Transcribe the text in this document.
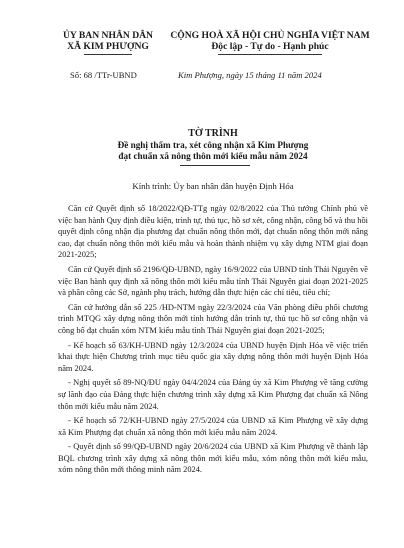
ỦY BAN NHÂN DÂN
XÃ KIM PHƯỢNG
CỘNG HOÀ XÃ HỘI CHỦ NGHĨA VIỆT NAM
Độc lập - Tự do - Hạnh phúc
Số: 68 /TTr-UBND	Kim Phượng, ngày 15 tháng 11 năm 2024
TỜ TRÌNH
Đề nghị thẩm tra, xét công nhận xã Kim Phượng
đạt chuẩn xã nông thôn mới kiểu mẫu năm 2024
Kính trình: Ủy ban nhân dân huyện Định Hóa

Căn cứ Quyết định số 18/2022/QĐ-TTg ngày 02/8/2022 của Thủ tướng Chính phủ về việc ban hành Quy định điều kiện, trình tự, thủ tục, hồ sơ xét, công nhận, công bố và thu hồi quyết định công nhận địa phương đạt chuẩn nông thôn mới, đạt chuẩn nông thôn mới nâng cao, đạt chuẩn nông thôn mới kiểu mẫu và hoàn thành nhiệm vụ xây dựng NTM giai đoạn 2021-2025;

Căn cứ Quyết định số 2196/QĐ-UBND, ngày 16/9/2022 của UBND tỉnh Thái Nguyên về việc Ban hành quy định xã nông thôn mới kiểu mẫu tỉnh Thái Nguyên giai đoạn 2021-2025 và phân công các Sở, ngành phụ trách, hướng dẫn thực hiện các chỉ tiêu, tiêu chí;

Căn cứ hướng dẫn số 225 /HD-NTM ngày 22/3/2024 của Văn phòng điều phối chương trình MTQG xây dựng nông thôn mới tỉnh hướng dẫn trình tự, thủ tục hồ sơ công nhận và công bố đạt chuẩn xóm NTM kiểu mẫu tỉnh Thái Nguyên giai đoạn 2021-2025;

- Kế hoạch số 63/KH-UBND ngày 12/3/2024 của UBND huyện Định Hóa về việc triển khai thực hiện Chương trình mục tiêu quốc gia xây dựng nông thôn mới huyện Định Hóa năm 2024.

- Nghị quyết số 89-NQ/ĐU ngày 04/4/2024 của Đảng ủy xã Kim Phượng về tăng cường sự lãnh đạo của Đảng thực hiện chương trình xây dựng xã Kim Phượng đạt chuẩn xã Nông thôn mới kiểu mẫu năm 2024.

- Kế hoạch số 72/KH-UBND ngày 27/5/2024 của UBND xã Kim Phượng về xây dựng xã Kim Phượng đạt chuẩn xã nông thôn mới kiểu mẫu năm 2024.

- Quyết định số 99/QĐ-UBND ngày 20/6/2024 của UBND xã Kim Phượng về thành lập BQL chương trình xây dựng xã nông thôn mới kiểu mẫu, xóm nông thôn mới kiểu mẫu, xóm nông thôn mới thông minh năm 2024.
